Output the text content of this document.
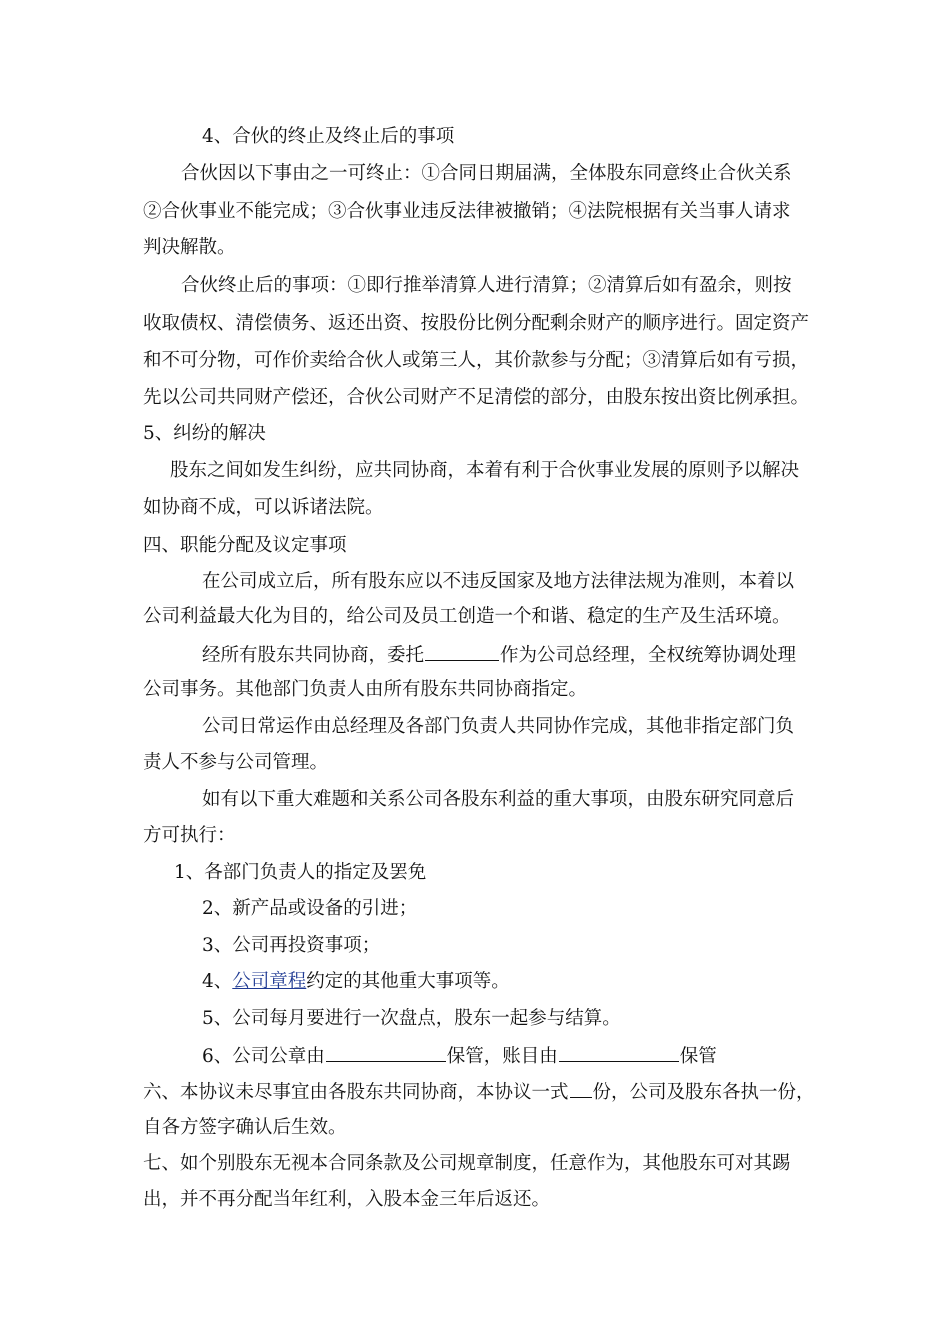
4、合伙的终止及终止后的事项
合伙因以下事由之一可终止：①合同日期届满，全体股东同意终止合伙关系
②合伙事业不能完成；③合伙事业违反法律被撤销；④法院根据有关当事人请求
判决解散。
合伙终止后的事项：①即行推举清算人进行清算；②清算后如有盈余，则按
收取债权、清偿债务、返还出资、按股份比例分配剩余财产的顺序进行。固定资产
和不可分物，可作价卖给合伙人或第三人，其价款参与分配；③清算后如有亏损，
先以公司共同财产偿还，合伙公司财产不足清偿的部分，由股东按出资比例承担。
5、纠纷的解决
股东之间如发生纠纷，应共同协商，本着有利于合伙事业发展的原则予以解决
如协商不成，可以诉诸法院。
四、职能分配及议定事项
在公司成立后，所有股东应以不违反国家及地方法律法规为准则，本着以
公司利益最大化为目的，给公司及员工创造一个和谐、稳定的生产及生活环境。
经所有股东共同协商，委托	作为公司总经理，全权统筹协调处理
公司事务。其他部门负责人由所有股东共同协商指定。
公司日常运作由总经理及各部门负责人共同协作完成，其他非指定部门负
责人不参与公司管理。
如有以下重大难题和关系公司各股东利益的重大事项，由股东研究同意后
方可执行：
1、各部门负责人的指定及罢免
2、新产品或设备的引进；
3、公司再投资事项；
4、公司章程约定的其他重大事项等。
5、公司每月要进行一次盘点，股东一起参与结算。
6、公司公章由	保管，账目由	保管
六、本协议未尽事宜由各股东共同协商，本协议一式 份，公司及股东各执一份，
自各方签字确认后生效。
七、如个别股东无视本合同条款及公司规章制度，任意作为，其他股东可对其踢
出，并不再分配当年红利，入股本金三年后返还。
